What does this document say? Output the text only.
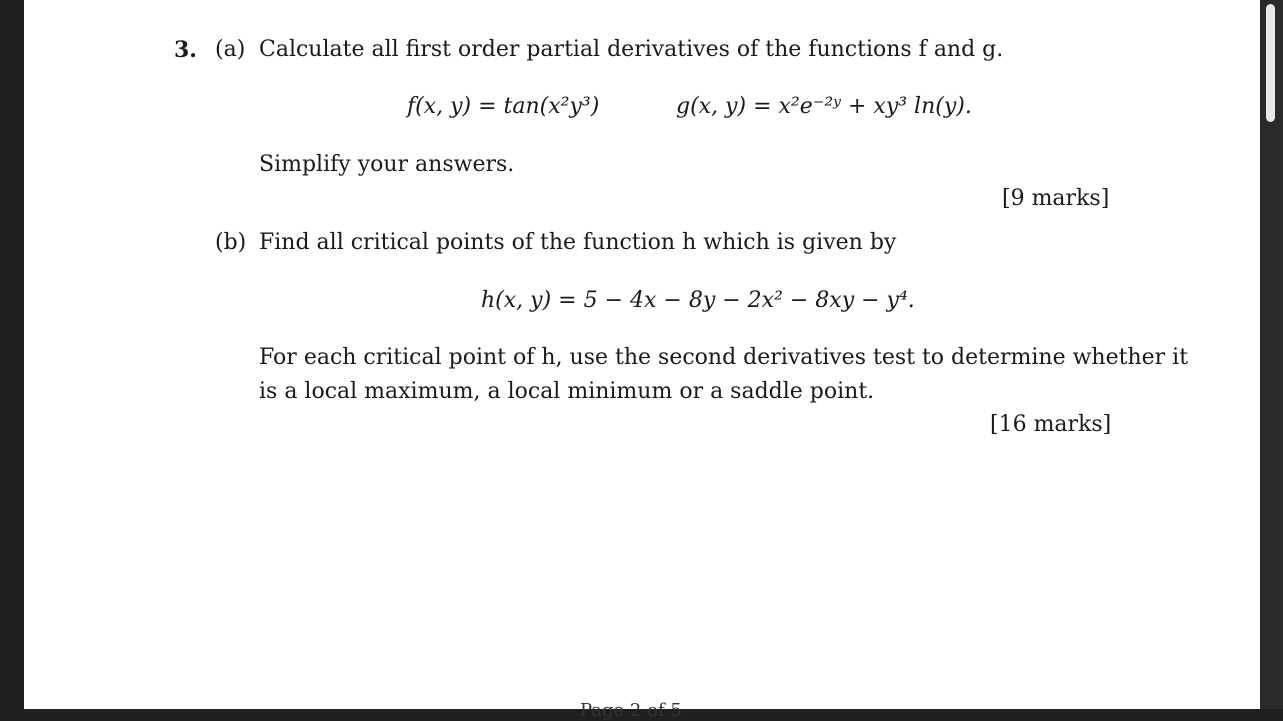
3. (a) Calculate all first order partial derivatives of the functions f and g.
f(x, y) = tan(x²y³)	g(x, y) = x²e⁻²ʸ + xy³ ln(y).
Simplify your answers.
[9 marks]
(b) Find all critical points of the function h which is given by
h(x, y) = 5 − 4x − 8y − 2x² − 8xy − y⁴.
For each critical point of h, use the second derivatives test to determine whether it
is a local maximum, a local minimum or a saddle point.
[16 marks]
Page 2 of 5
